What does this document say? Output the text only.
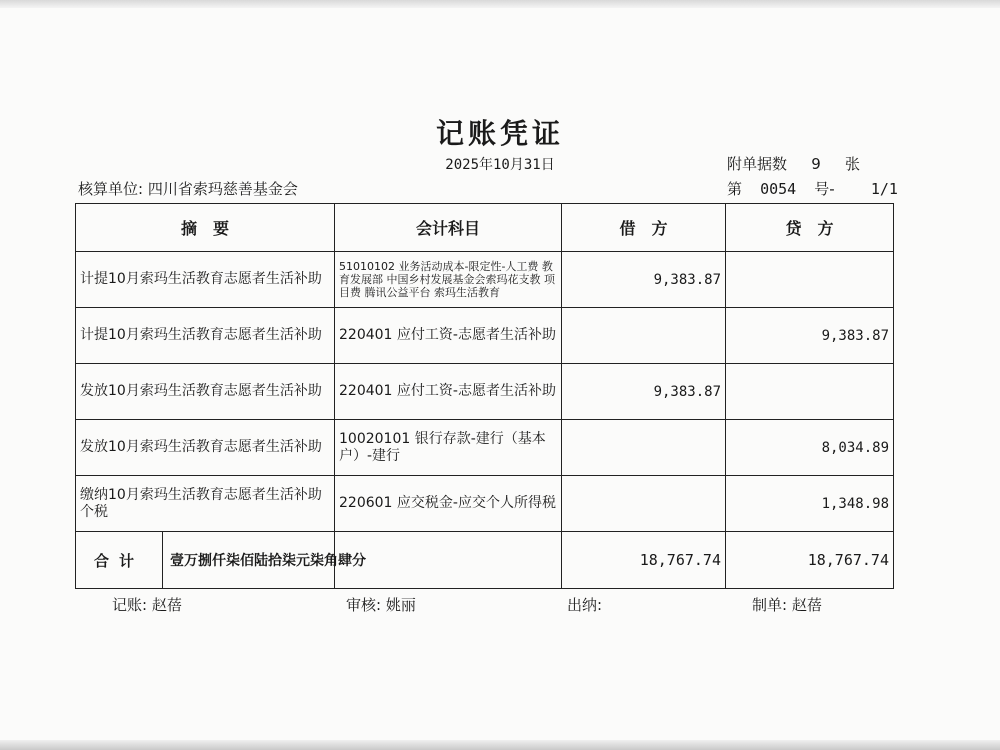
记账凭证
2025年10月31日	附单据数 9 张
核算单位: 四川省索玛慈善基金会	第 0054 号- 1/1
摘　要	会计科目	借　方	贷　方
计提10月索玛生活教育志愿者生活补助	51010102 业务活动成本-限定性-人工费 教育发展部 中国乡村发展基金会索玛花支教 项目费 腾讯公益平台 索玛生活教育	9,383.87	
计提10月索玛生活教育志愿者生活补助	220401 应付工资-志愿者生活补助		9,383.87
发放10月索玛生活教育志愿者生活补助	220401 应付工资-志愿者生活补助	9,383.87	
发放10月索玛生活教育志愿者生活补助	10020101 银行存款-建行（基本户）-建行		8,034.89
缴纳10月索玛生活教育志愿者生活补助个税	220601 应交税金-应交个人所得税		1,348.98

合计	壹万捌仟柒佰陆拾柒元柒角肆分	18,767.74	18,767.74
记账: 赵蓓	审核: 姚丽	出纳:	制单: 赵蓓
